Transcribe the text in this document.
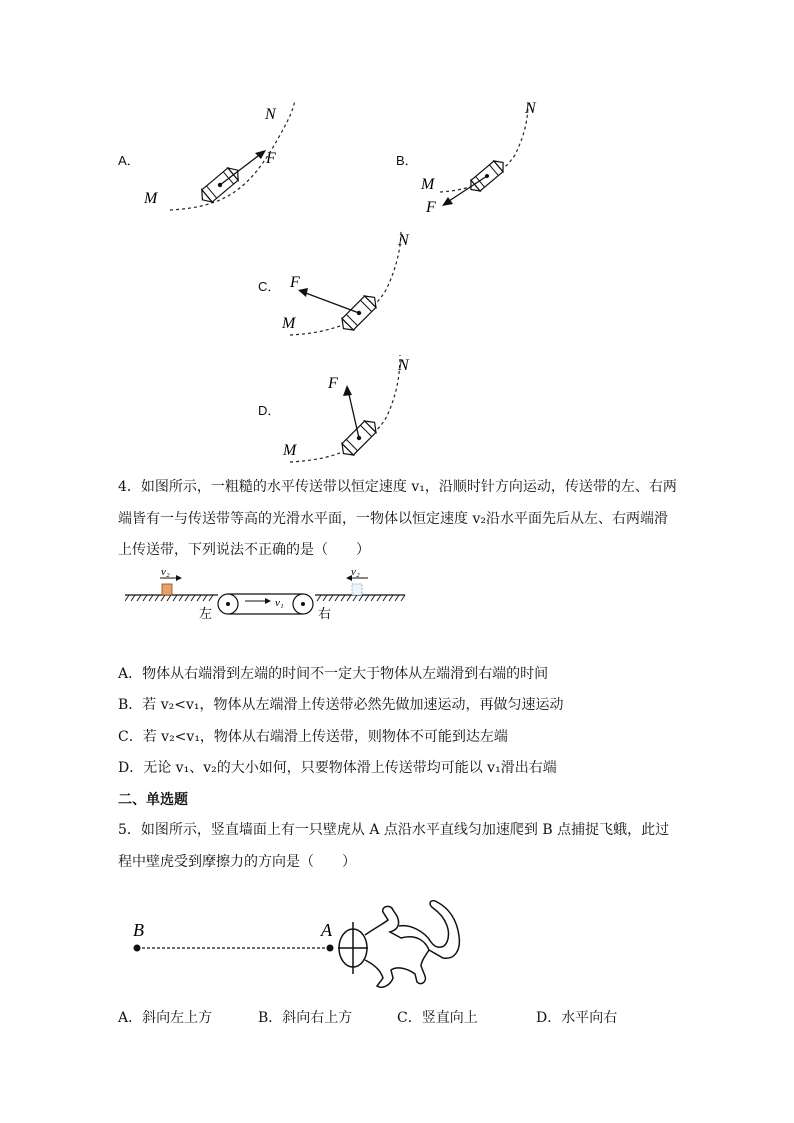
A．
N
F
M
B．
N
M
F
C．
N
F
M
D．
N
F
M
4．如图所示，一粗糙的水平传送带以恒定速度 v₁，沿顺时针方向运动，传送带的左、右两
端皆有一与传送带等高的光滑水平面，一物体以恒定速度 v₂沿水平面先后从左、右两端滑
上传送带，下列说法不正确的是（　　）
v₂	v₂
v₁
左	右
A．物体从右端滑到左端的时间不一定大于物体从左端滑到右端的时间
B．若 v₂<v₁，物体从左端滑上传送带必然先做加速运动，再做匀速运动
C．若 v₂<v₁，物体从右端滑上传送带，则物体不可能到达左端
D．无论 v₁、v₂的大小如何，只要物体滑上传送带均可能以 v₁滑出右端
二、单选题
5．如图所示，竖直墙面上有一只壁虎从 A 点沿水平直线匀加速爬到 B 点捕捉飞蛾，此过
程中壁虎受到摩擦力的方向是（　　）
B	A
A．斜向左上方	B．斜向右上方	C．竖直向上	D．水平向右
